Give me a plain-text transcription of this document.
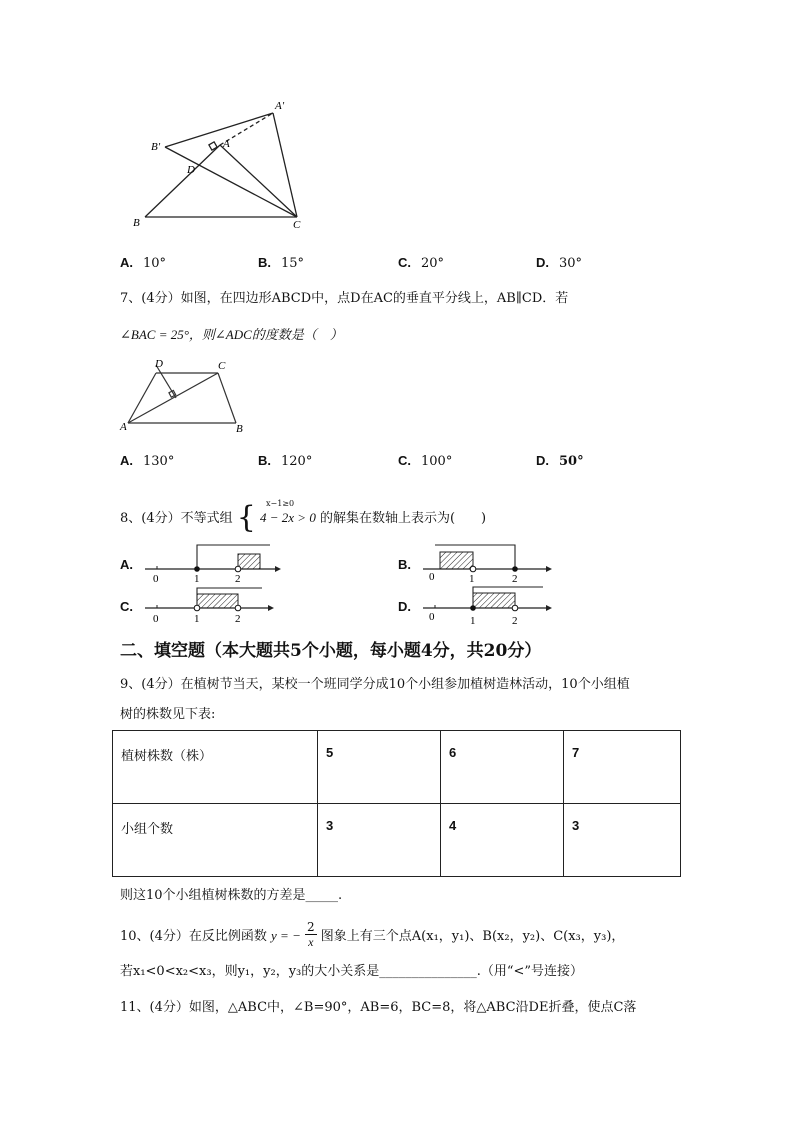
A′
B′	A
D
B	C
A. 10°	B. 15°	C. 20°	D. 30°
7、(4分）如图，在四边形ABCD中，点D在AC的垂直平分线上，AB∥CD．若
∠BAC = 25°，则∠ADC的度数是（　）
D	C
A	B
A. 130°	B. 120°	C. 100°	D. 50°
8、(4分）不等式组 { x−1≥0
4 − 2x > 0 的解集在数轴上表示为(　　)
A.
0	1	2
B.
0	1	2
C.
0	1	2
D.
0	1	2
二、填空题（本大题共5个小题，每小题4分，共20分）
9、(4分）在植树节当天，某校一个班同学分成10个小组参加植树造林活动，10个小组植
树的株数见下表:
植树株数（株）	5	6	7
小组个数	3	4	3
则这10个小组植树株数的方差是_____.
10、(4分）在反比例函数 y = − $\frac{2}{x}$ 图象上有三个点A(x₁，y₁)、B(x₂，y₂)、C(x₃，y₃)，
若x₁<0<x₂<x₃，则y₁，y₂，y₃的大小关系是_______________.（用“<”号连接）
11、(4分）如图，△ABC中，∠B=90°，AB=6，BC=8，将△ABC沿DE折叠，使点C落
